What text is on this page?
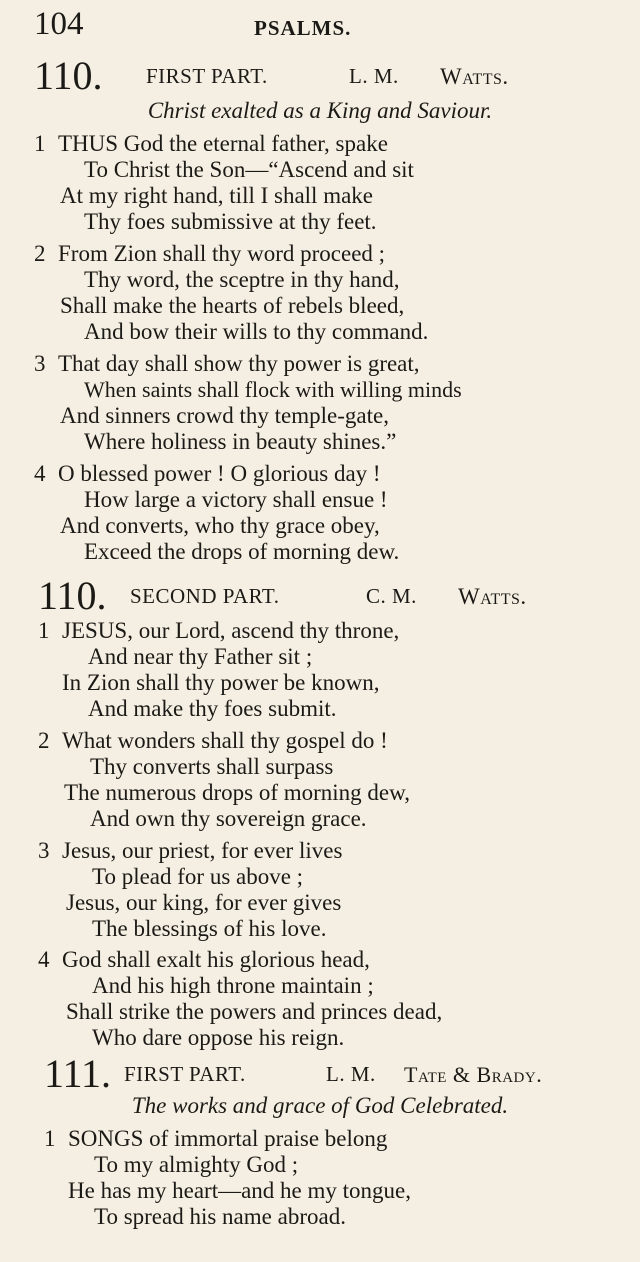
104	PSALMS.
110. FIRST PART.	L. M. Watts.
Christ exalted as a King and Saviour.
1 THUS God the eternal father, spake
To Christ the Son—“Ascend and sit
At my right hand, till I shall make
Thy foes submissive at thy feet.
2 From Zion shall thy word proceed ;
Thy word, the sceptre in thy hand,
Shall make the hearts of rebels bleed,
And bow their wills to thy command.
3 That day shall show thy power is great,
When saints shall flock with willing minds
And sinners crowd thy temple-gate,
Where holiness in beauty shines.”
4 O blessed power ! O glorious day !
How large a victory shall ensue !
And converts, who thy grace obey,
Exceed the drops of morning dew.
110. SECOND PART.	C. M. Watts.
1 JESUS, our Lord, ascend thy throne,
And near thy Father sit ;
In Zion shall thy power be known,
And make thy foes submit.
2 What wonders shall thy gospel do !
Thy converts shall surpass
The numerous drops of morning dew,
And own thy sovereign grace.
3 Jesus, our priest, for ever lives
To plead for us above ;
Jesus, our king, for ever gives
The blessings of his love.
4 God shall exalt his glorious head,
And his high throne maintain ;
Shall strike the powers and princes dead,
Who dare oppose his reign.
111. FIRST PART.	L. M. Tate & Brady.
The works and grace of God Celebrated.
1 SONGS of immortal praise belong
To my almighty God ;
He has my heart—and he my tongue,
To spread his name abroad.
